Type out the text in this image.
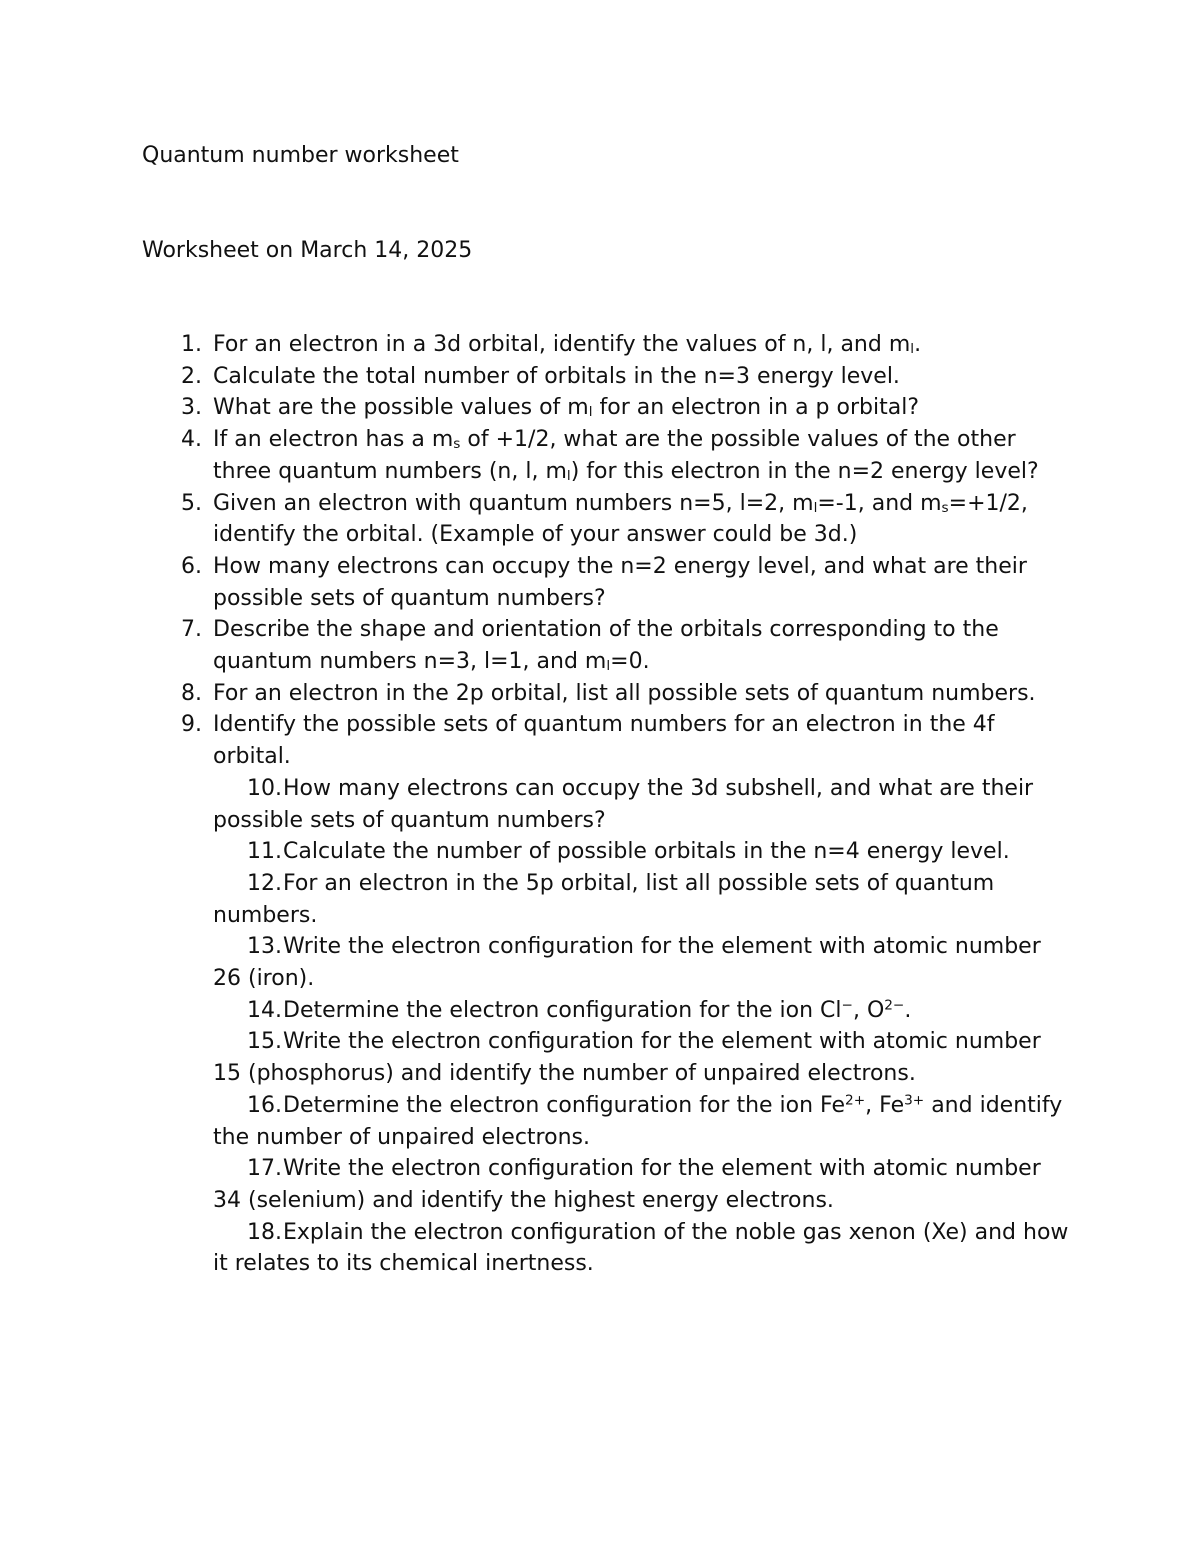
Quantum number worksheet
Worksheet on March 14, 2025
1. For an electron in a 3d orbital, identify the values of n, l, and $m_l$.
2. Calculate the total number of orbitals in the n=3 energy level.
3. What are the possible values of $m_l$ for an electron in a p orbital?
4. If an electron has a $m_s$ of +1/2, what are the possible values of the other three quantum numbers (n, l, $m_l$) for this electron in the n=2 energy level?
5. Given an electron with quantum numbers n=5, l=2, $m_l=-1$, and $m_s=+1/2$, identify the orbital. (Example of your answer could be 3d.)
6. How many electrons can occupy the n=2 energy level, and what are their possible sets of quantum numbers?
7. Describe the shape and orientation of the orbitals corresponding to the quantum numbers n=3, l=1, and $m_l=0$.
8. For an electron in the 2p orbital, list all possible sets of quantum numbers.
9. Identify the possible sets of quantum numbers for an electron in the 4f orbital.
10. How many electrons can occupy the 3d subshell, and what are their possible sets of quantum numbers?
11. Calculate the number of possible orbitals in the n=4 energy level.
12. For an electron in the 5p orbital, list all possible sets of quantum numbers.
13. Write the electron configuration for the element with atomic number 26 (iron).
14. Determine the electron configuration for the ion Cl−, $O^{2-}$.
15. Write the electron configuration for the element with atomic number 15 (phosphorus) and identify the number of unpaired electrons.
16. Determine the electron configuration for the ion $Fe^{2+}$, $Fe^{3+}$ and identify the number of unpaired electrons.
17. Write the electron configuration for the element with atomic number 34 (selenium) and identify the highest energy electrons.
18. Explain the electron configuration of the noble gas xenon (Xe) and how it relates to its chemical inertness.
